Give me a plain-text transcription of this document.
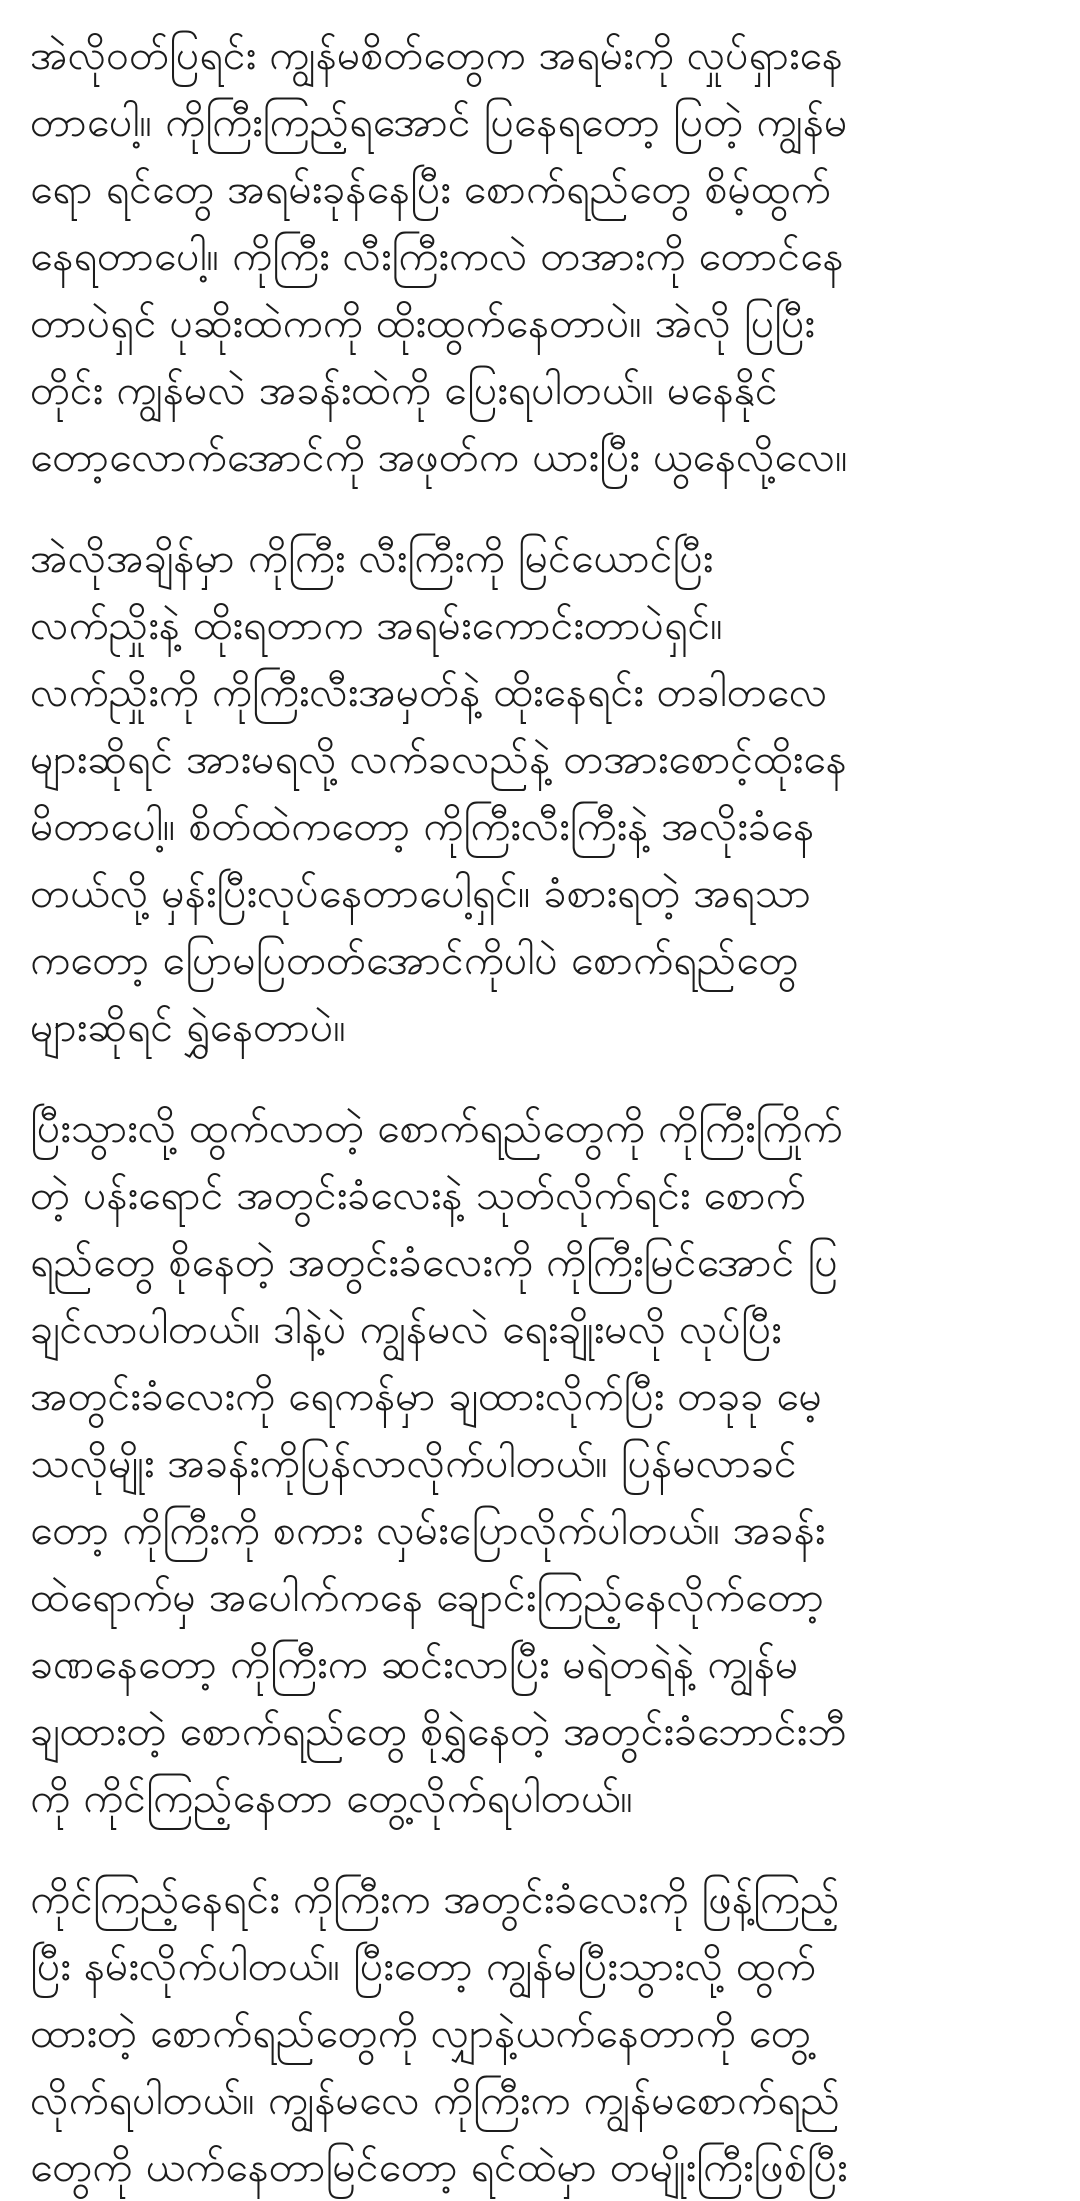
အဲလိုဝတ်ပြရင်း ကျွန်မစိတ်တွေက အရမ်းကို လှုပ်ရှားနေ
တာပေါ့။ ကိုကြီးကြည့်ရအောင် ပြနေရတော့ ပြတဲ့ ကျွန်မ
ရော ရင်တွေ အရမ်းခုန်နေပြီး စောက်ရည်တွေ စိမ့်ထွက်
နေရတာပေါ့။ ကိုကြီး လီးကြီးကလဲ တအားကို တောင်နေ
တာပဲရှင် ပုဆိုးထဲကကို ထိုးထွက်နေတာပဲ။ အဲလို ပြပြီး
တိုင်း ကျွန်မလဲ အခန်းထဲကို ပြေးရပါတယ်။ မနေနိုင်
တော့လောက်အောင်ကို အဖုတ်က ယားပြီး ယွနေလို့လေ။
အဲလိုအချိန်မှာ ကိုကြီး လီးကြီးကို မြင်ယောင်ပြီး
လက်ညှိုးနဲ့ ထိုးရတာက အရမ်းကောင်းတာပဲရှင်။
လက်ညှိုးကို ကိုကြီးလီးအမှတ်နဲ့ ထိုးနေရင်း တခါတလေ
များဆိုရင် အားမရလို့ လက်ခလည်နဲ့ တအားစောင့်ထိုးနေ
မိတာပေါ့။ စိတ်ထဲကတော့ ကိုကြီးလီးကြီးနဲ့ အလိုးခံနေ
တယ်လို့ မှန်းပြီးလုပ်နေတာပေါ့ရှင်။ ခံစားရတဲ့ အရသာ
ကတော့ ပြောမပြတတ်အောင်ကိုပါပဲ စောက်ရည်တွေ
များဆိုရင် ရွှဲနေတာပဲ။
ပြီးသွားလို့ ထွက်လာတဲ့ စောက်ရည်တွေကို ကိုကြီးကြိုက်
တဲ့ ပန်းရောင် အတွင်းခံလေးနဲ့ သုတ်လိုက်ရင်း စောက်
ရည်တွေ စိုနေတဲ့ အတွင်းခံလေးကို ကိုကြီးမြင်အောင် ပြ
ချင်လာပါတယ်။ ဒါနဲ့ပဲ ကျွန်မလဲ ရေးချိုးမလို လုပ်ပြီး
အတွင်းခံလေးကို ရေကန်မှာ ချထားလိုက်ပြီး တခုခု မေ့
သလိုမျိုး အခန်းကိုပြန်လာလိုက်ပါတယ်။ ပြန်မလာခင်
တော့ ကိုကြီးကို စကား လှမ်းပြောလိုက်ပါတယ်။ အခန်း
ထဲရောက်မှ အပေါက်ကနေ ချောင်းကြည့်နေလိုက်တော့
ခဏနေတော့ ကိုကြီးက ဆင်းလာပြီး မရဲတရဲနဲ့ ကျွန်မ
ချထားတဲ့ စောက်ရည်တွေ စိုရွှဲနေတဲ့ အတွင်းခံဘောင်းဘီ
ကို ကိုင်ကြည့်နေတာ တွေ့လိုက်ရပါတယ်။
ကိုင်ကြည့်နေရင်း ကိုကြီးက အတွင်းခံလေးကို ဖြန့်ကြည့်
ပြီး နမ်းလိုက်ပါတယ်။ ပြီးတော့ ကျွန်မပြီးသွားလို့ ထွက်
ထားတဲ့ စောက်ရည်တွေကို လျှာနဲ့ယက်နေတာကို တွေ့
လိုက်ရပါတယ်။ ကျွန်မလေ ကိုကြီးက ကျွန်မစောက်ရည်
တွေကို ယက်နေတာမြင်တော့ ရင်ထဲမှာ တမျိုးကြီးဖြစ်ပြီး
